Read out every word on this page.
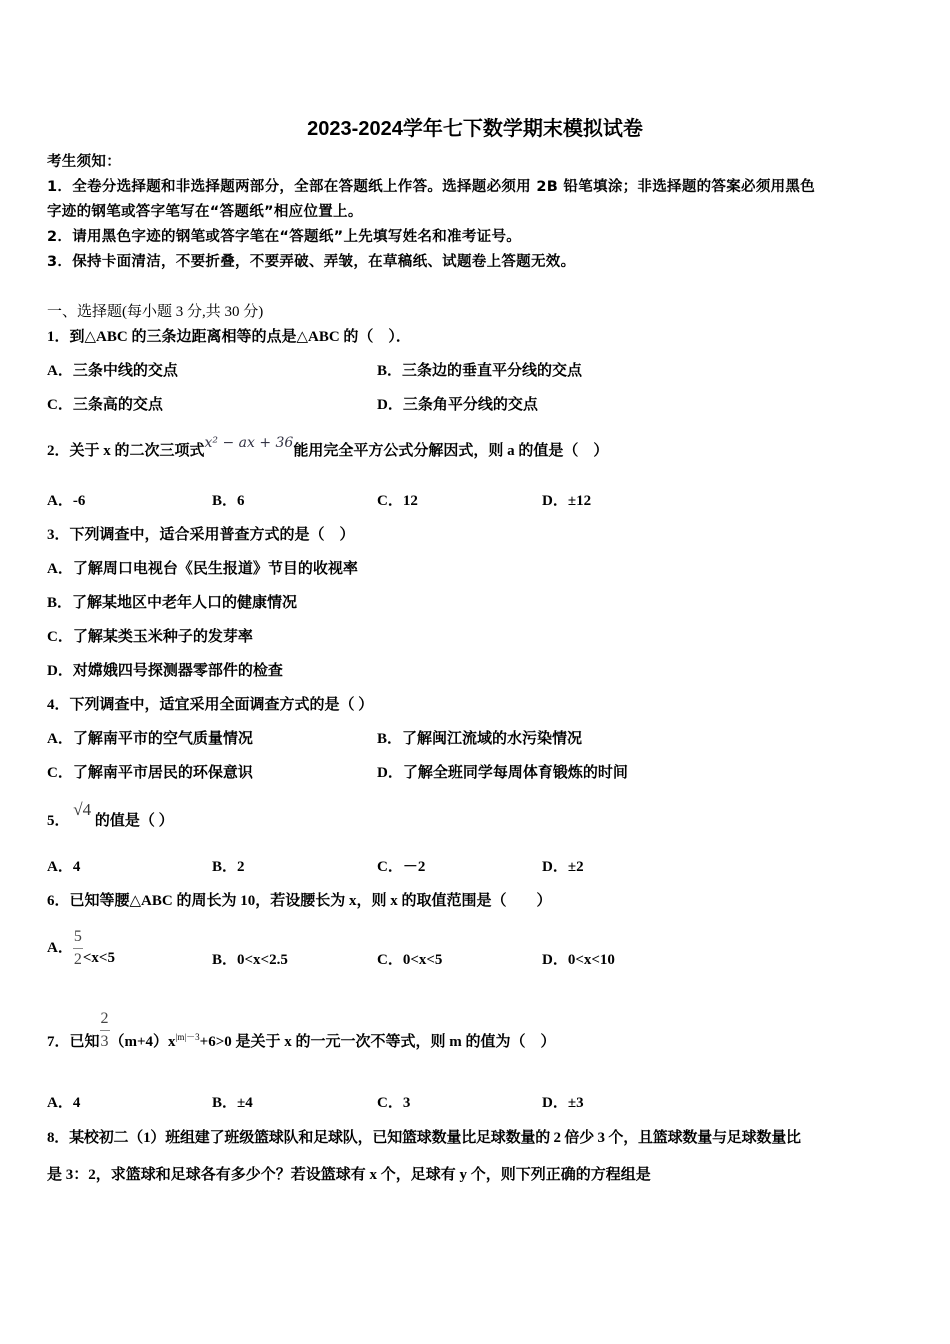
2023-2024学年七下数学期末模拟试卷
考生须知：
1．全卷分选择题和非选择题两部分，全部在答题纸上作答。选择题必须用 2B 铅笔填涂；非选择题的答案必须用黑色
字迹的钢笔或答字笔写在“答题纸”相应位置上。
2．请用黑色字迹的钢笔或答字笔在“答题纸”上先填写姓名和准考证号。
3．保持卡面清洁，不要折叠，不要弄破、弄皱，在草稿纸、试题卷上答题无效。
一、选择题(每小题 3 分,共 30 分)
1．到△ABC 的三条边距离相等的点是△ABC 的（　）．
A．三条中线的交点	B．三条边的垂直平分线的交点
C．三条高的交点	D．三条角平分线的交点
2．关于 x 的二次三项式x² − ax + 36能用完全平方公式分解因式，则 a 的值是（　）
A．-6	B．6	C．12	D．±12
3．下列调查中，适合采用普查方式的是（　）
A．了解周口电视台《民生报道》节目的收视率
B．了解某地区中老年人口的健康情况
C．了解某类玉米种子的发芽率
D．对嫦娥四号探测器零部件的检查
4．下列调查中，适宜采用全面调查方式的是（ ）
A．了解南平市的空气质量情况	B．了解闽江流域的水污染情况
C．了解南平市居民的环保意识	D．了解全班同学每周体育锻炼的时间
5． √4 的值是（ ）
A．4	B．2	C．－2	D．±2
6．已知等腰△ABC 的周长为 10，若设腰长为 x，则 x 的取值范围是（　　）
A．$\frac{5}{2}<x<5$	B．0<x<2.5	C．0<x<5	D．0<x<10
7．已知$\frac{2}{3}(m+4)x^{|m|-3}+6>0$ 是关于 x 的一元一次不等式，则 m 的值为（　）
A．4	B．±4	C．3	D．±3
8．某校初二（1）班组建了班级篮球队和足球队，已知篮球数量比足球数量的 2 倍少 3 个，且篮球数量与足球数量比
是 3：2，求篮球和足球各有多少个？若设篮球有 x 个，足球有 y 个，则下列正确的方程组是
